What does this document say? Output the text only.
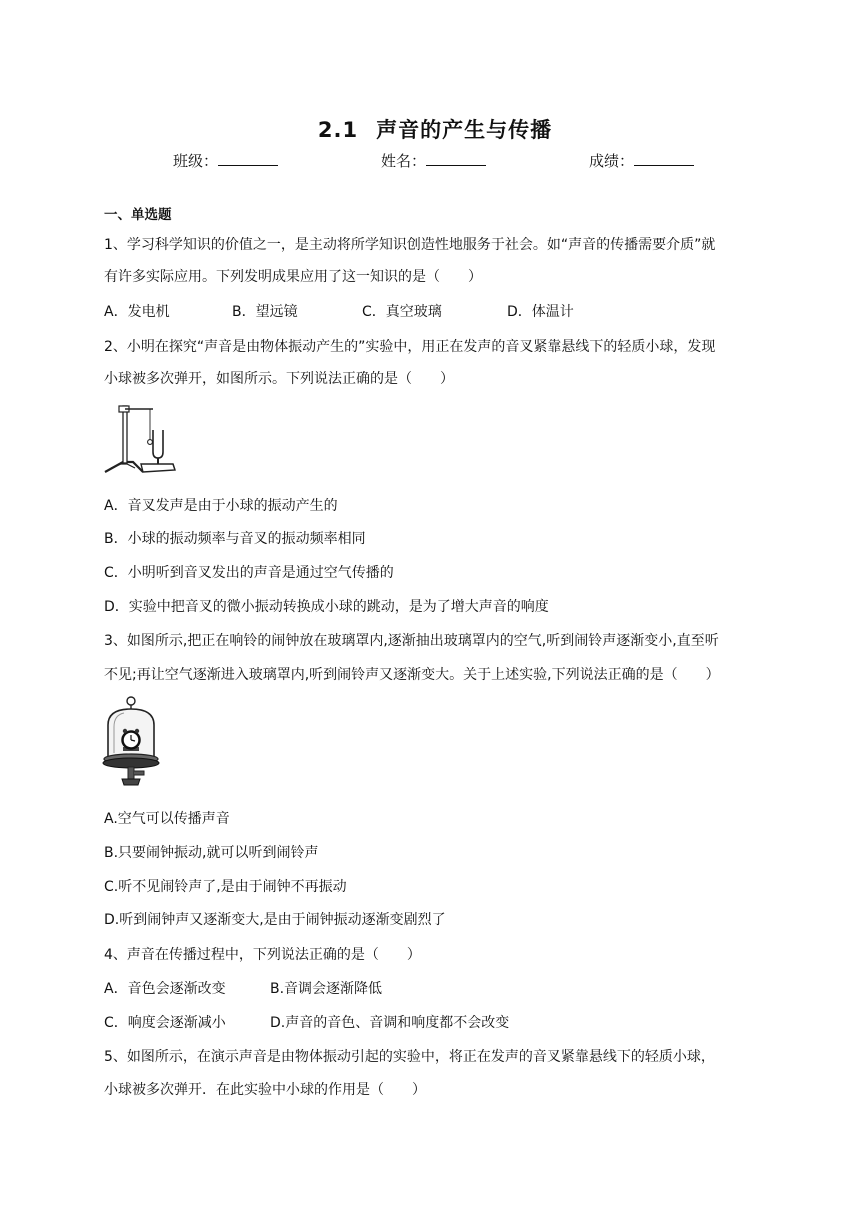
2.1 声音的产生与传播
班级：	姓名：	成绩：
一、单选题
1、学习科学知识的价值之一，是主动将所学知识创造性地服务于社会。如“声音的传播需要介质”就
有许多实际应用。下列发明成果应用了这一知识的是（　　）
A．发电机	B．望远镜	C．真空玻璃	D．体温计
2、小明在探究“声音是由物体振动产生的”实验中，用正在发声的音叉紧靠悬线下的轻质小球，发现
小球被多次弹开，如图所示。下列说法正确的是（　　）
A．音叉发声是由于小球的振动产生的
B．小球的振动频率与音叉的振动频率相同
C．小明听到音叉发出的声音是通过空气传播的
D．实验中把音叉的微小振动转换成小球的跳动，是为了增大声音的响度
3、如图所示,把正在响铃的闹钟放在玻璃罩内,逐渐抽出玻璃罩内的空气,听到闹铃声逐渐变小,直至听
不见;再让空气逐渐进入玻璃罩内,听到闹铃声又逐渐变大。关于上述实验,下列说法正确的是（　　）
A.空气可以传播声音
B.只要闹钟振动,就可以听到闹铃声
C.听不见闹铃声了,是由于闹钟不再振动
D.听到闹钟声又逐渐变大,是由于闹钟振动逐渐变剧烈了
4、声音在传播过程中，下列说法正确的是（　　）
A．音色会逐渐改变	B.音调会逐渐降低
C．响度会逐渐减小	D.声音的音色、音调和响度都不会改变
5、如图所示，在演示声音是由物体振动引起的实验中，将正在发声的音叉紧靠悬线下的轻质小球，
小球被多次弹开．在此实验中小球的作用是（　　）
